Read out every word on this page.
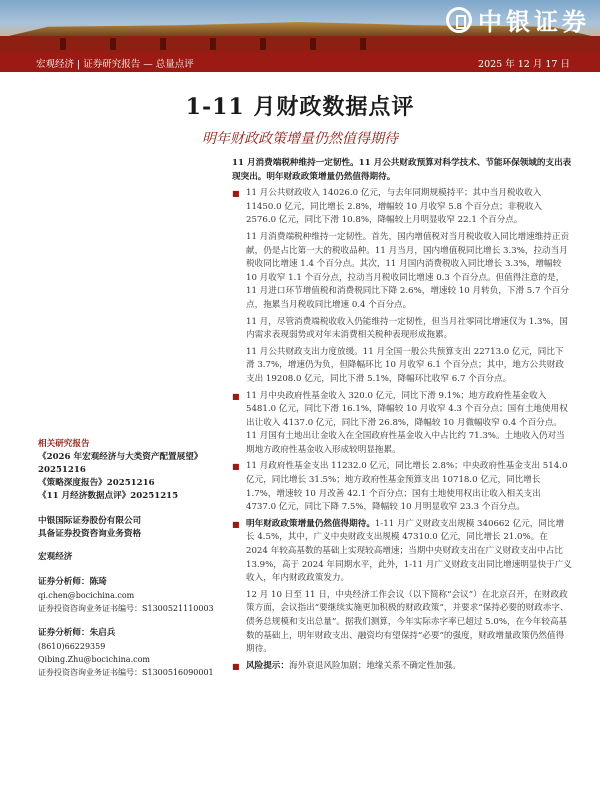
中银证券
宏观经济 | 证券研究报告 — 总量点评	2025 年 12 月 17 日
1-11 月财政数据点评
明年财政政策增量仍然值得期待

11 月消费端税种维持一定韧性。11 月公共财政预算对科学技术、节能环保领域的支出表现突出。明年财政政策增量仍然值得期待。

■ 11 月公共财政收入 14026.0 亿元，与去年同期规模持平；其中当月税收收入 11450.0 亿元，同比增长 2.8%，增幅较 10 月收窄 5.8 个百分点；非税收入 2576.0 亿元，同比下滑 10.8%，降幅较上月明显收窄 22.1 个百分点。

11 月消费端税种维持一定韧性。首先，国内增值税对当月税收收入同比增速维持正贡献，仍是占比第一大的税收品种。11 月当月，国内增值税同比增长 3.3%，拉动当月税收同比增速 1.4 个百分点。其次，11 月国内消费税收入同比增长 3.3%，增幅较 10 月收窄 1.1 个百分点，拉动当月税收同比增速 0.3 个百分点。但值得注意的是，11 月进口环节增值税和消费税同比下降 2.6%，增速较 10 月转负，下滑 5.7 个百分点，拖累当月税收同比增速 0.4 个百分点。

11 月，尽管消费端税收收入仍能维持一定韧性，但当月社零同比增速仅为 1.3%，国内需求表现弱势或对年末消费相关税种表现形成拖累。

11 月公共财政支出力度放缓。11 月全国一般公共预算支出 22713.0 亿元，同比下滑 3.7%，增速仍为负，但降幅环比 10 月收窄 6.1 个百分点；其中，地方公共财政支出 19208.0 亿元，同比下滑 5.1%，降幅环比收窄 6.7 个百分点。

■ 11 月中央政府性基金收入 320.0 亿元，同比下滑 9.1%；地方政府性基金收入 5481.0 亿元，同比下滑 16.1%，降幅较 10 月收窄 4.3 个百分点；国有土地使用权出让收入 4137.0 亿元，同比下滑 26.8%，降幅较 10 月微幅收窄 0.4 个百分点。11 月国有土地出让金收入在全国政府性基金收入中占比约 71.3%。土地收入仍对当期地方政府性基金收入形成较明显拖累。

■ 11 月政府性基金支出 11232.0 亿元，同比增长 2.8%；中央政府性基金支出 514.0 亿元，同比增长 31.5%；地方政府性基金预算支出 10718.0 亿元，同比增长 1.7%，增速较 10 月改善 42.1 个百分点；国有土地使用权出让收入相关支出 4737.0 亿元，同比下降 7.5%，降幅较 10 月明显收窄 23.3 个百分点。

■ 明年财政政策增量仍然值得期待。1-11 月广义财政支出规模 340662 亿元，同比增长 4.5%，其中，广义中央财政支出规模 47310.0 亿元，同比增长 21.0%。在 2024 年较高基数的基础上实现较高增速；当期中央财政支出在广义财政支出中占比 13.9%，高于 2024 年同期水平，此外，1-11 月广义财政支出同比增速明显快于广义收入，年内财政政策发力。

12 月 10 日至 11 日，中央经济工作会议（以下简称“会议”）在北京召开，在财政政策方面，会议指出“要继续实施更加积极的财政政策”，并要求“保持必要的财政赤字、债务总规模和支出总量”。据我们测算，今年实际赤字率已超过 5.0%，在今年较高基数的基础上，明年财政支出、融资均有望保持“必要”的强度，财政增量政策仍然值得期待。

■ 风险提示：海外衰退风险加剧；地缘关系不确定性加强。

相关研究报告
《2026 年宏观经济与大类资产配置展望》20251216
《策略深度报告》20251216
《11 月经济数据点评》20251215
中银国际证券股份有限公司
具备证券投资咨询业务资格
宏观经济
证券分析师：陈琦
qi.chen@bocichina.com
证券投资咨询业务证书编号：S1300521110003
证券分析师：朱启兵
(8610)66229359
Qibing.Zhu@bocichina.com
证券投资咨询业务证书编号：S1300516090001
